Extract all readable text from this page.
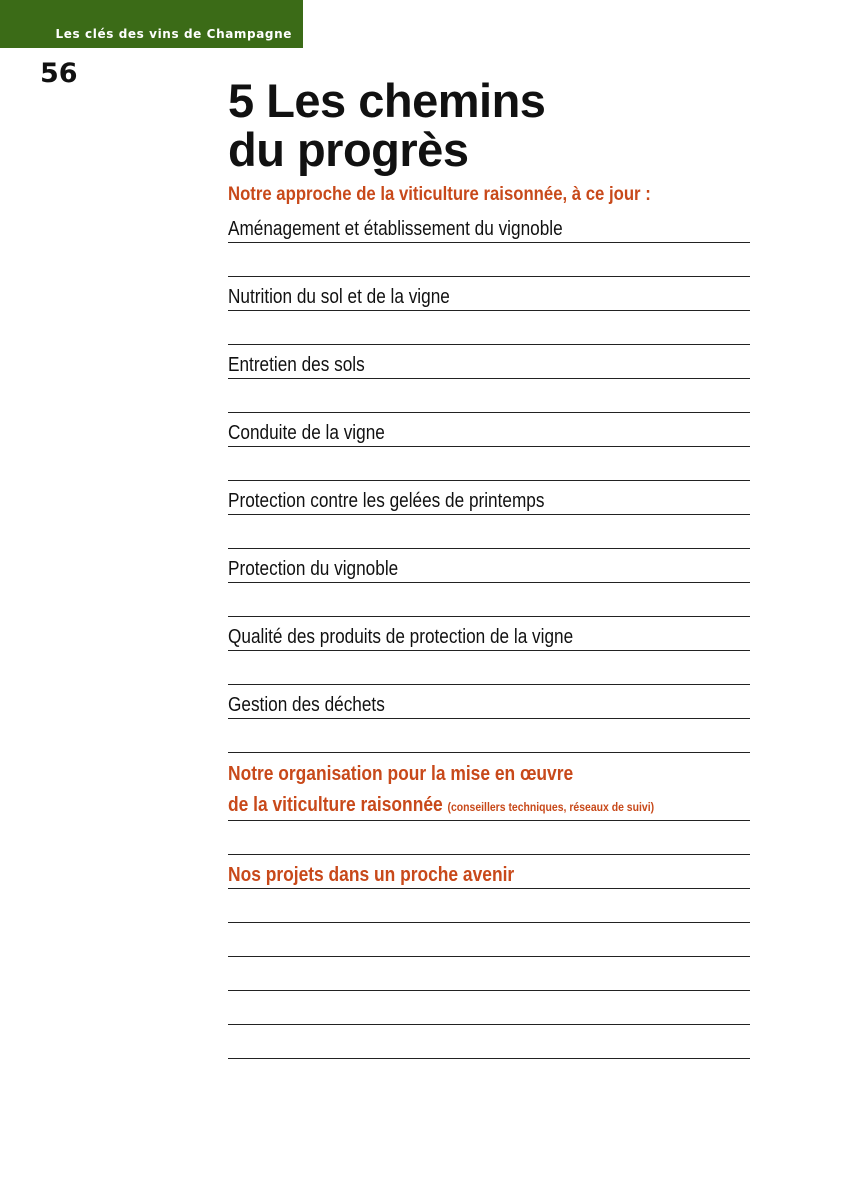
Les clés des vins de Champagne
56
5 Les chemins
du progrès
Notre approche de la viticulture raisonnée, à ce jour :
Aménagement et établissement du vignoble
Nutrition du sol et de la vigne
Entretien des sols
Conduite de la vigne
Protection contre les gelées de printemps
Protection du vignoble
Qualité des produits de protection de la vigne
Gestion des déchets
Notre organisation pour la mise en œuvre
de la viticulture raisonnée (conseillers techniques, réseaux de suivi)
Nos projets dans un proche avenir
